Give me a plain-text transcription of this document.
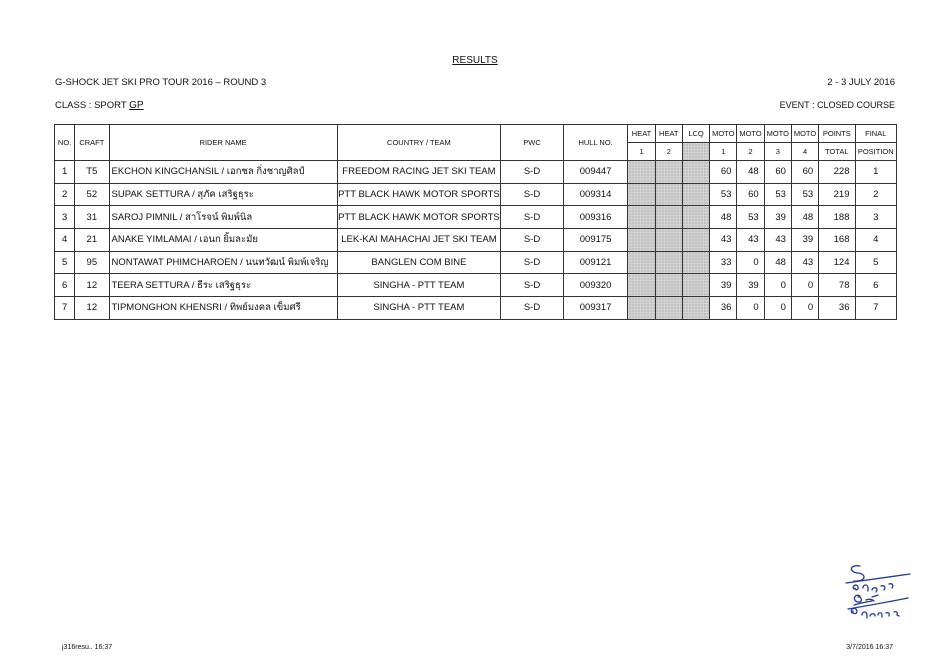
RESULTS
G-SHOCK JET SKI PRO TOUR 2016 – ROUND 3	2 - 3 JULY 2016
CLASS : SPORT GP	EVENT : CLOSED COURSE
NO.	CRAFT	RIDER NAME	COUNTRY / TEAM	PWC	HULL NO.	HEAT	HEAT	LCQ	MOTO	MOTO	MOTO	MOTO	POINTS	FINAL
						1	2		1	2	3	4	TOTAL	POSITION
1	T5	EKCHON KINGCHANSIL / เอกชล กิ่งชาญศิลป์	FREEDOM RACING JET SKI TEAM	S-D	009447				60	48	60	60	228	1
2	52	SUPAK SETTURA / สุภัค เสริฐธุระ	PTT BLACK HAWK MOTOR SPORTS	S-D	009314				53	60	53	53	219	2
3	31	SAROJ PIMNIL / สาโรจน์ พิมพ์นิล	PTT BLACK HAWK MOTOR SPORTS	S-D	009316				48	53	39	48	188	3
4	21	ANAKE YIMLAMAI / เอนก ยิ้มละมัย	LEK-KAI MAHACHAI JET SKI TEAM	S-D	009175				43	43	43	39	168	4
5	95	NONTAWAT PHIMCHAROEN / นนทวัฒน์ พิมพ์เจริญ	BANGLEN COM BINE	S-D	009121				33	0	48	43	124	5
6	12	TEERA SETTURA / ธีระ เสริฐธุระ	SINGHA - PTT TEAM	S-D	009320				39	39	0	0	78	6
7	12	TIPMONGHON KHENSRI / ทิพย์มงคล เข็มศรี	SINGHA - PTT TEAM	S-D	009317				36	0	0	0	36	7
j316resu.. 16:37	3/7/2016 16:37
